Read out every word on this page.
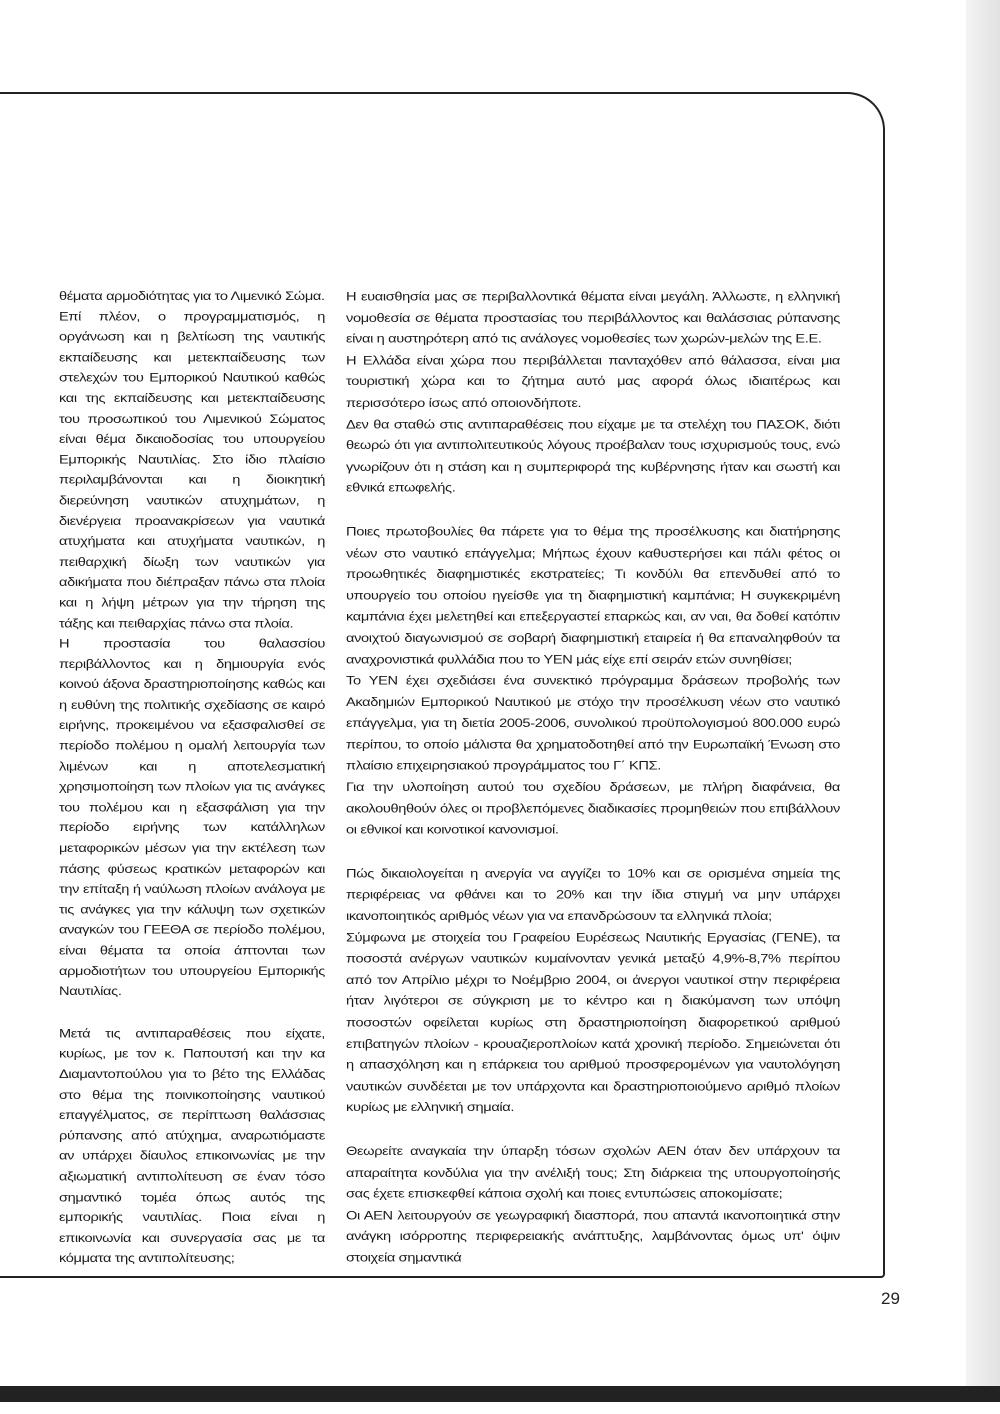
θέματα αρμοδιότητας για το Λιμενικό Σώμα.

Επί πλέον, ο προγραμματισμός, η οργάνωση και η βελτίωση της ναυτικής εκπαίδευσης και μετεκπαίδευσης των στελεχών του Εμπορικού Ναυτικού καθώς και της εκπαίδευσης και μετεκπαίδευσης του προσωπικού του Λιμενικού Σώματος είναι θέμα δικαιοδοσίας του υπουργείου Εμπορικής Ναυτιλίας. Στο ίδιο πλαίσιο περιλαμβάνονται και η διοικητική διερεύνηση ναυτικών ατυχημάτων, η διενέργεια προανακρίσεων για ναυτικά ατυχήματα και ατυχήματα ναυτικών, η πειθαρχική δίωξη των ναυτικών για αδικήματα που διέπραξαν πάνω στα πλοία και η λήψη μέτρων για την τήρηση της τάξης και πειθαρχίας πάνω στα πλοία.

Η προστασία του θαλασσίου περιβάλλοντος και η δημιουργία ενός κοινού άξονα δραστηριοποίησης καθώς και η ευθύνη της πολιτικής σχεδίασης σε καιρό ειρήνης, προκειμένου να εξασφαλισθεί σε περίοδο πολέμου η ομαλή λειτουργία των λιμένων και η αποτελεσματική χρησιμοποίηση των πλοίων για τις ανάγκες του πολέμου και η εξασφάλιση για την περίοδο ειρήνης των κατάλληλων μεταφορικών μέσων για την εκτέλεση των πάσης φύσεως κρατικών μεταφορών και την επίταξη ή ναύλωση πλοίων ανάλογα με τις ανάγκες για την κάλυψη των σχετικών αναγκών του ΓΕΕΘΑ σε περίοδο πολέμου, είναι θέματα τα οποία άπτονται των αρμοδιοτήτων του υπουργείου Εμπορικής Ναυτιλίας.

Μετά τις αντιπαραθέσεις που είχατε, κυρίως, με τον κ. Παπουτσή και την κα Διαμαντοπούλου για το βέτο της Ελλάδας στο θέμα της ποινικοποίησης ναυτικού επαγγέλματος, σε περίπτωση θαλάσσιας ρύπανσης από ατύχημα, αναρωτιόμαστε αν υπάρχει δίαυλος επικοινωνίας με την αξιωματική αντιπολίτευση σε έναν τόσο σημαντικό τομέα όπως αυτός της εμπορικής ναυτιλίας. Ποια είναι η επικοινωνία και συνεργασία σας με τα κόμματα της αντιπολίτευσης;

Η ευαισθησία μας σε περιβαλλοντικά θέματα είναι μεγάλη. Άλλωστε, η ελληνική νομοθεσία σε θέματα προστασίας του περιβάλλοντος και θαλάσσιας ρύπανσης είναι η αυστηρότερη από τις ανάλογες νομοθεσίες των χωρών-μελών της Ε.Ε.

Η Ελλάδα είναι χώρα που περιβάλλεται πανταχόθεν από θάλασσα, είναι μια τουριστική χώρα και το ζήτημα αυτό μας αφορά όλως ιδιαιτέρως και περισσότερο ίσως από οποιονδήποτε.

Δεν θα σταθώ στις αντιπαραθέσεις που είχαμε με τα στελέχη του ΠΑΣΟΚ, διότι θεωρώ ότι για αντιπολιτευτικούς λόγους προέβαλαν τους ισχυρισμούς τους, ενώ γνωρίζουν ότι η στάση και η συμπεριφορά της κυβέρνησης ήταν και σωστή και εθνικά επωφελής.

Ποιες πρωτοβουλίες θα πάρετε για το θέμα της προσέλκυσης και διατήρησης νέων στο ναυτικό επάγγελμα; Μήπως έχουν καθυστερήσει και πάλι φέτος οι προωθητικές διαφημιστικές εκστρατείες; Τι κονδύλι θα επενδυθεί από το υπουργείο του οποίου ηγείσθε για τη διαφημιστική καμπάνια; Η συγκεκριμένη καμπάνια έχει μελετηθεί και επεξεργαστεί επαρκώς και, αν ναι, θα δοθεί κατόπιν ανοιχτού διαγωνισμού σε σοβαρή διαφημιστική εταιρεία ή θα επαναληφθούν τα αναχρονιστικά φυλλάδια που το ΥΕΝ μάς είχε επί σειράν ετών συνηθίσει;

Το ΥΕΝ έχει σχεδιάσει ένα συνεκτικό πρόγραμμα δράσεων προβολής των Ακαδημιών Εμπορικού Ναυτικού με στόχο την προσέλκυση νέων στο ναυτικό επάγγελμα, για τη διετία 2005-2006, συνολικού προϋπολογισμού 800.000 ευρώ περίπου, το οποίο μάλιστα θα χρηματοδοτηθεί από την Ευρωπαϊκή Ένωση στο πλαίσιο επιχειρησιακού προγράμματος του Γ΄ ΚΠΣ.

Για την υλοποίηση αυτού του σχεδίου δράσεων, με πλήρη διαφάνεια, θα ακολουθηθούν όλες οι προβλεπόμενες διαδικασίες προμηθειών που επιβάλλουν οι εθνικοί και κοινοτικοί κανονισμοί.

Πώς δικαιολογείται η ανεργία να αγγίζει το 10% και σε ορισμένα σημεία της περιφέρειας να φθάνει και το 20% και την ίδια στιγμή να μην υπάρχει ικανοποιητικός αριθμός νέων για να επανδρώσουν τα ελληνικά πλοία;

Σύμφωνα με στοιχεία του Γραφείου Ευρέσεως Ναυτικής Εργασίας (ΓΕΝΕ), τα ποσοστά ανέργων ναυτικών κυμαίνονταν γενικά μεταξύ 4,9%-8,7% περίπου από τον Απρίλιο μέχρι το Νοέμβριο 2004, οι άνεργοι ναυτικοί στην περιφέρεια ήταν λιγότεροι σε σύγκριση με το κέντρο και η διακύμανση των υπόψη ποσοστών οφείλεται κυρίως στη δραστηριοποίηση διαφορετικού αριθμού επιβατηγών πλοίων - κρουαζιεροπλοίων κατά χρονική περίοδο. Σημειώνεται ότι η απασχόληση και η επάρκεια του αριθμού προσφερομένων για ναυτολόγηση ναυτικών συνδέεται με τον υπάρχοντα και δραστηριοποιούμενο αριθμό πλοίων κυρίως με ελληνική σημαία.

Θεωρείτε αναγκαία την ύπαρξη τόσων σχολών ΑΕΝ όταν δεν υπάρχουν τα απαραίτητα κονδύλια για την ανέλιξή τους; Στη διάρκεια της υπουργοποίησής σας έχετε επισκεφθεί κάποια σχολή και ποιες εντυπώσεις αποκομίσατε;

Οι ΑΕΝ λειτουργούν σε γεωγραφική διασπορά, που απαντά ικανοποιητικά στην ανάγκη ισόρροπης περιφερειακής ανάπτυξης, λαμβάνοντας όμως υπ' όψιν στοιχεία σημαντικά

29
